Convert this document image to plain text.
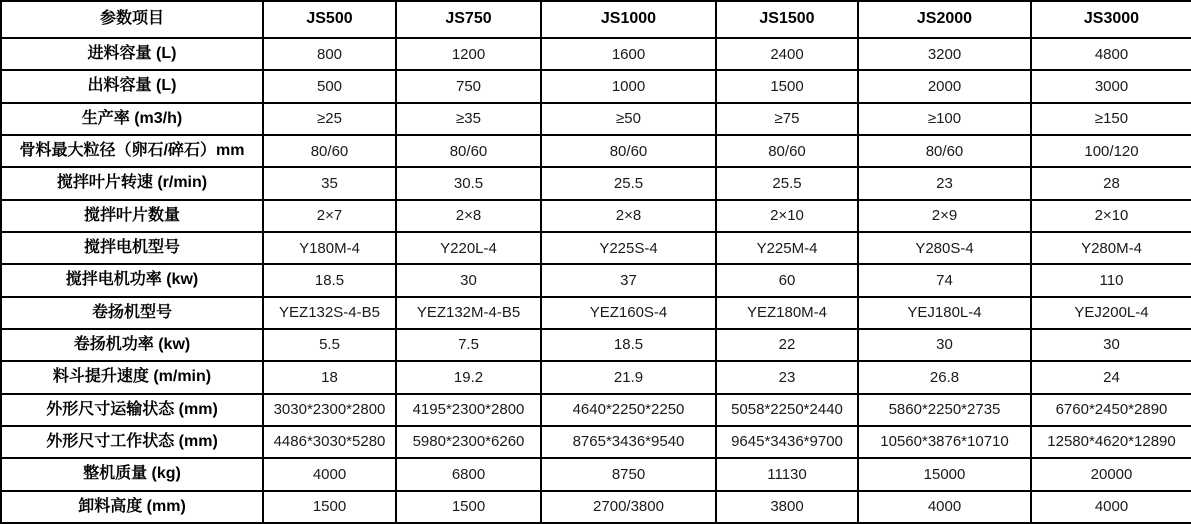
参数项目	JS500	JS750	JS1000	JS1500	JS2000	JS3000
进料容量 (L)	800	1200	1600	2400	3200	4800
出料容量 (L)	500	750	1000	1500	2000	3000
生产率 (m3/h)	≥25	≥35	≥50	≥75	≥100	≥150
骨料最大粒径（卵石/碎石）mm	80/60	80/60	80/60	80/60	80/60	100/120
搅拌叶片转速 (r/min)	35	30.5	25.5	25.5	23	28
搅拌叶片数量	2×7	2×8	2×8	2×10	2×9	2×10
搅拌电机型号	Y180M-4	Y220L-4	Y225S-4	Y225M-4	Y280S-4	Y280M-4
搅拌电机功率 (kw)	18.5	30	37	60	74	110
卷扬机型号	YEZ132S-4-B5	YEZ132M-4-B5	YEZ160S-4	YEZ180M-4	YEJ180L-4	YEJ200L-4
卷扬机功率 (kw)	5.5	7.5	18.5	22	30	30
料斗提升速度 (m/min)	18	19.2	21.9	23	26.8	24
外形尺寸运输状态 (mm)	3030*2300*2800	4195*2300*2800	4640*2250*2250	5058*2250*2440	5860*2250*2735	6760*2450*2890
外形尺寸工作状态 (mm)	4486*3030*5280	5980*2300*6260	8765*3436*9540	9645*3436*9700	10560*3876*10710	12580*4620*12890
整机质量 (kg)	4000	6800	8750	11130	15000	20000
卸料高度 (mm)	1500	1500	2700/3800	3800	4000	4000
